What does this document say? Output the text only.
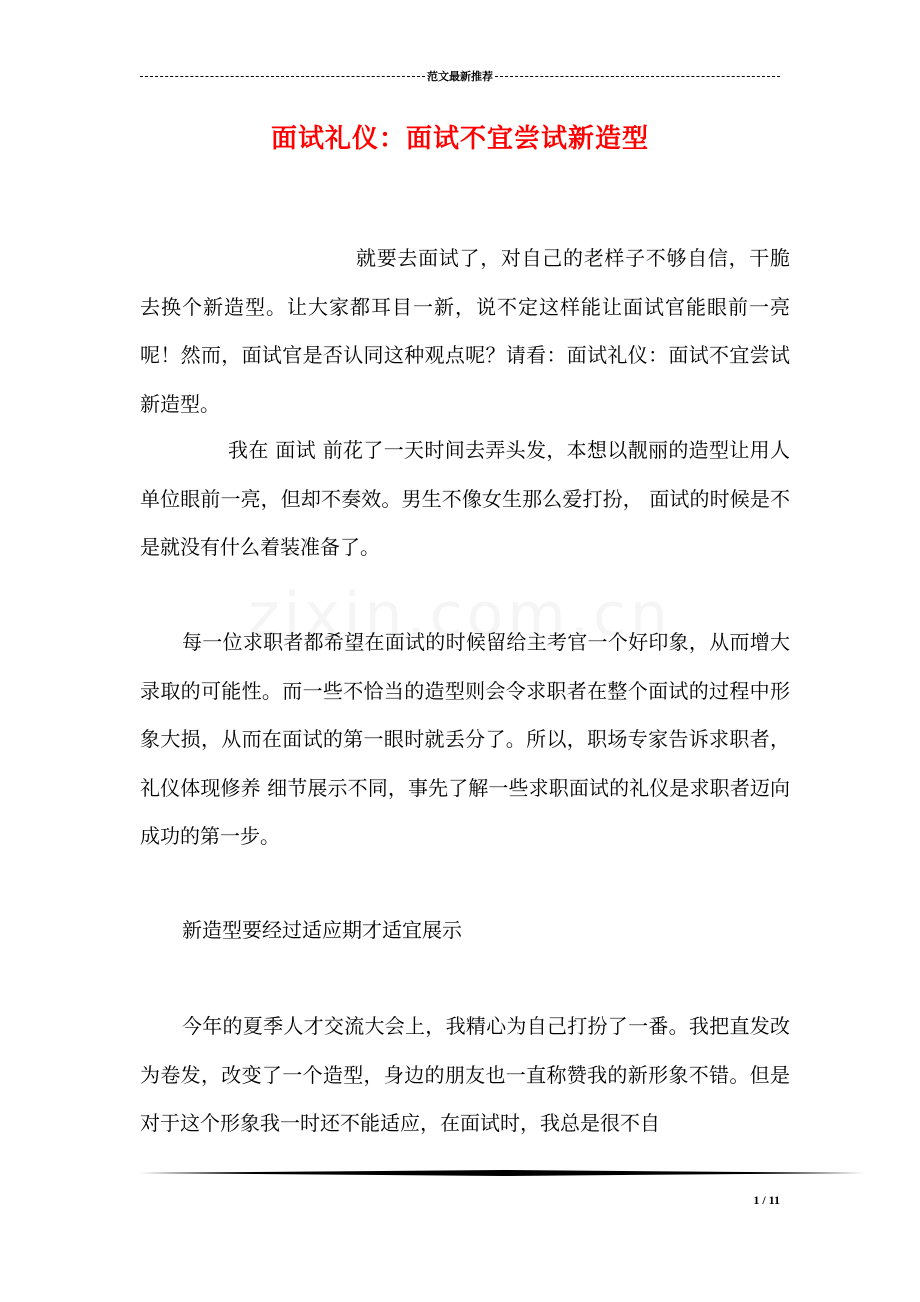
范文最新推荐
面试礼仪：面试不宜尝试新造型

就要去面试了，对自己的老样子不够自信，干脆去换个新造型。让大家都耳目一新，说不定这样能让面试官能眼前一亮呢！然而，面试官是否认同这种观点呢？请看：面试礼仪：面试不宜尝试新造型。

我在 面试 前花了一天时间去弄头发，本想以靓丽的造型让用人单位眼前一亮，但却不奏效。男生不像女生那么爱打扮， 面试的时候是不是就没有什么着装准备了。

每一位求职者都希望在面试的时候留给主考官一个好印象，从而增大录取的可能性。而一些不恰当的造型则会令求职者在整个面试的过程中形象大损，从而在面试的第一眼时就丢分了。所以，职场专家告诉求职者，礼仪体现修养 细节展示不同，事先了解一些求职面试的礼仪是求职者迈向成功的第一步。

新造型要经过适应期才适宜展示

今年的夏季人才交流大会上，我精心为自己打扮了一番。我把直发改为卷发，改变了一个造型，身边的朋友也一直称赞我的新形象不错。但是对于这个形象我一时还不能适应，在面试时，我总是很不自

1 / 11
